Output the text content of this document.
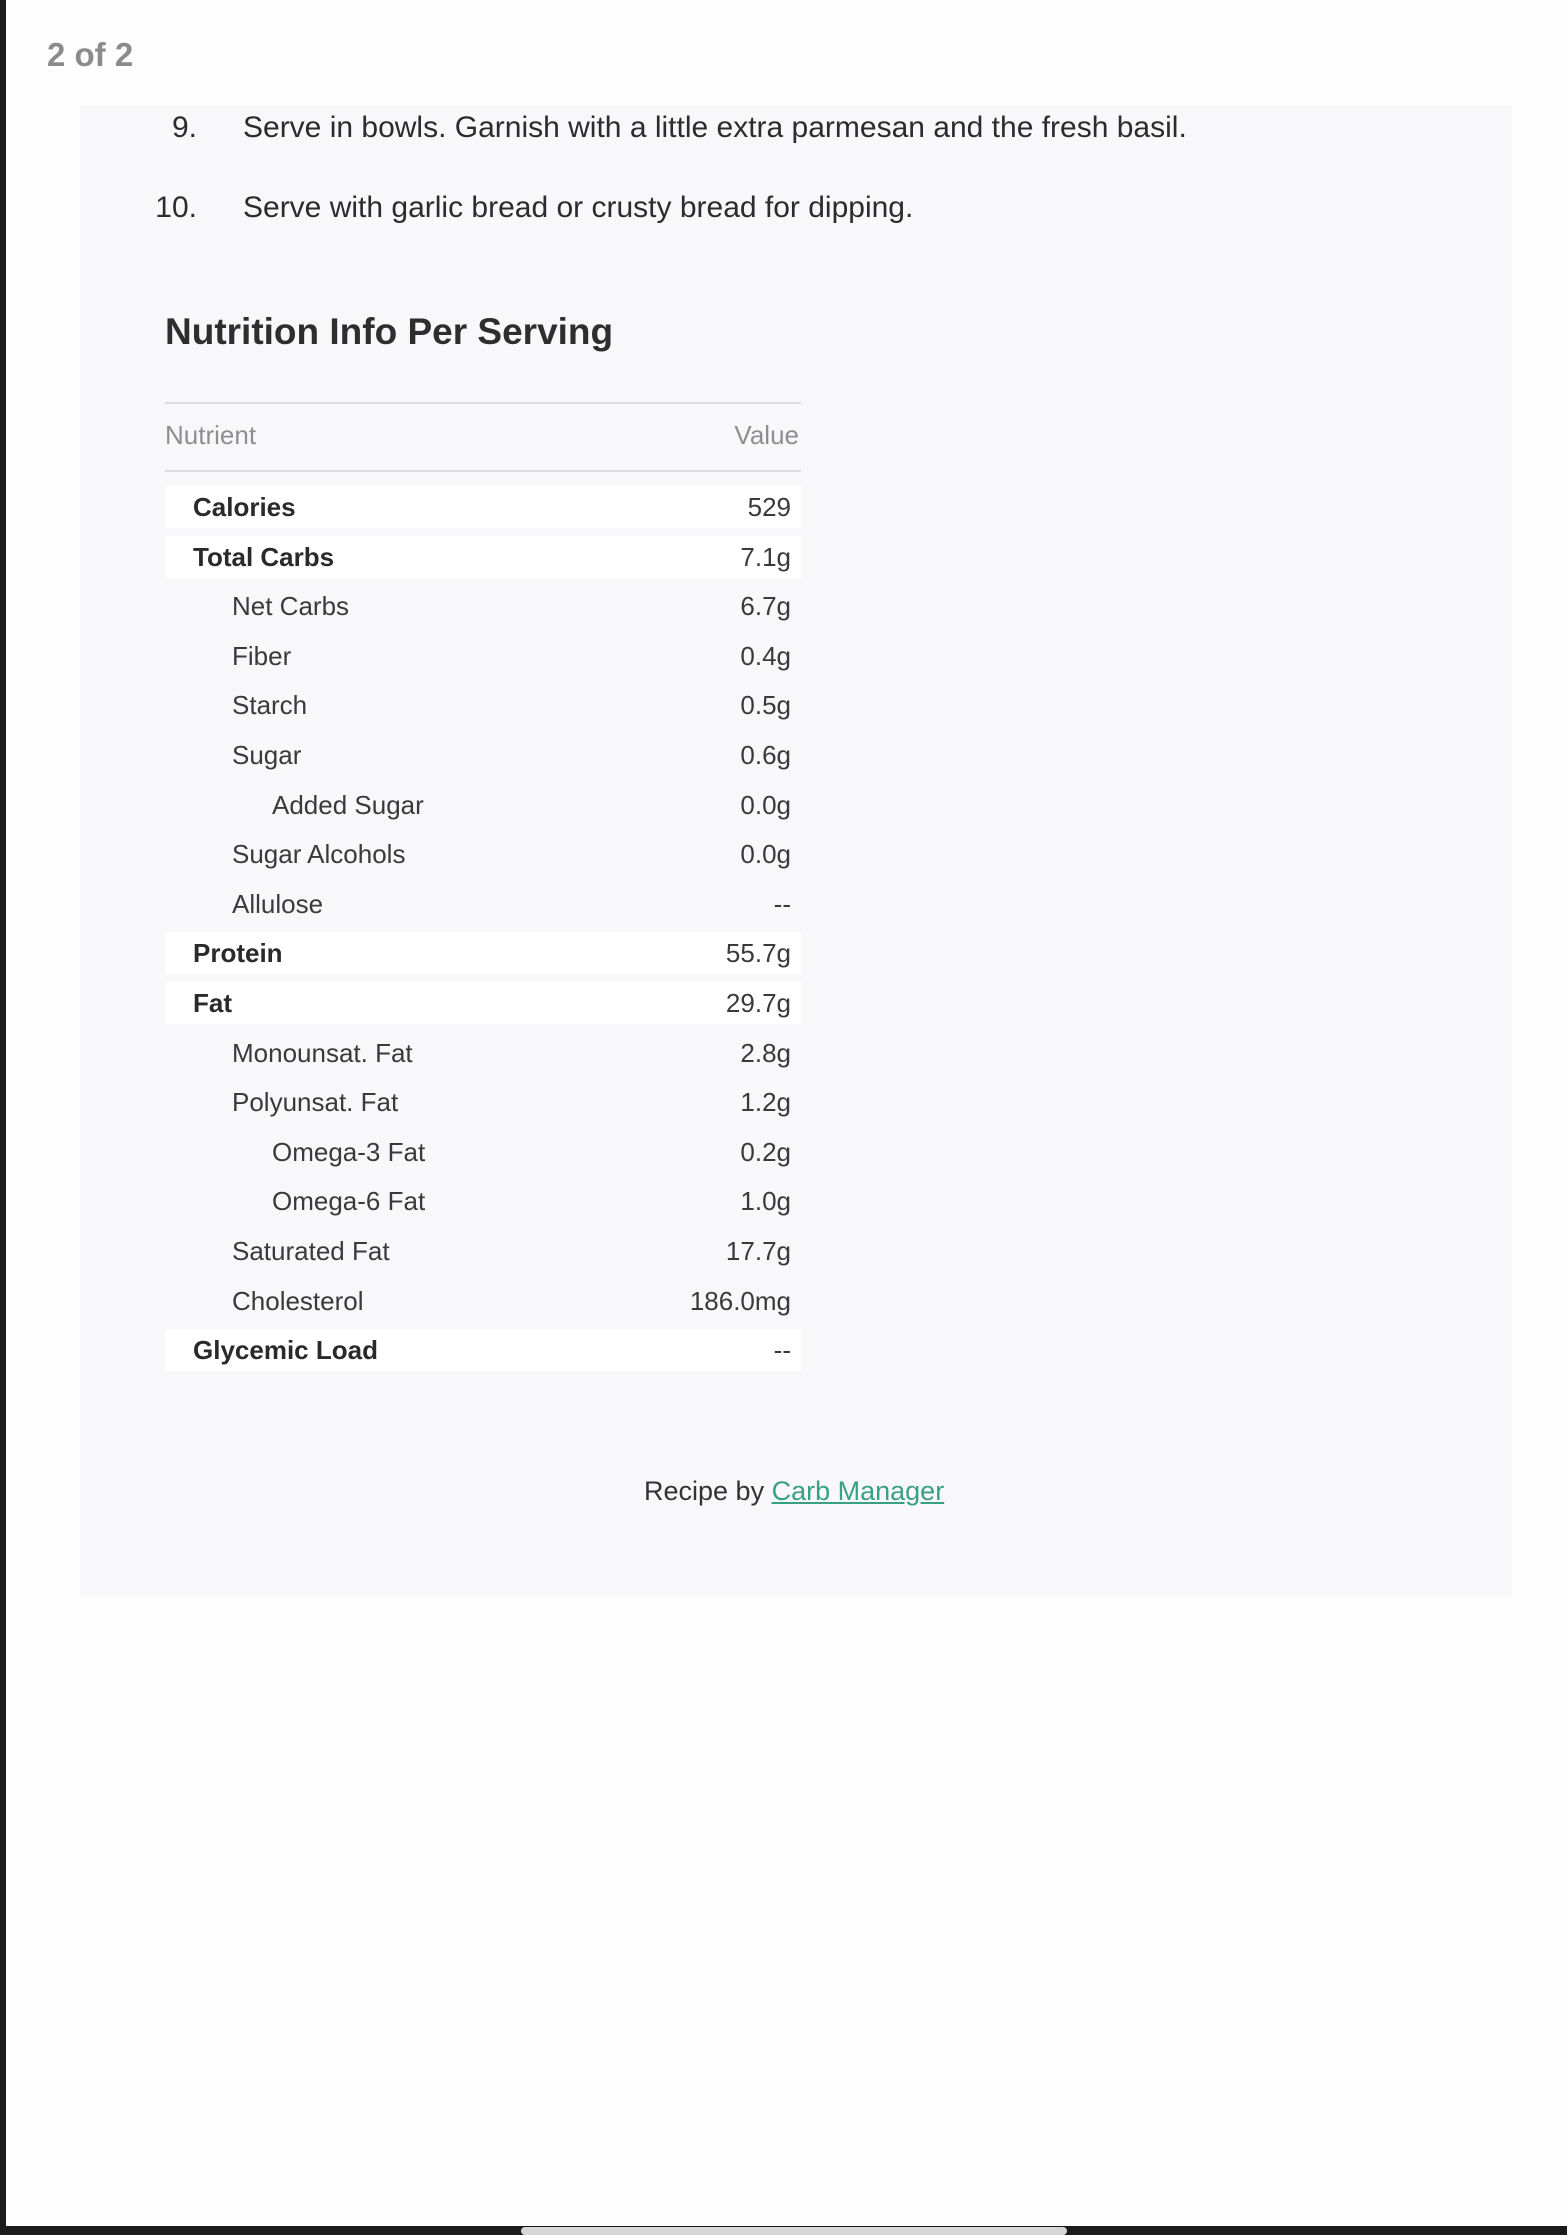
2 of 2
9. Serve in bowls. Garnish with a little extra parmesan and the fresh basil.
10. Serve with garlic bread or crusty bread for dipping.
Nutrition Info Per Serving
Nutrient	Value
Calories	529
Total Carbs	7.1g
Net Carbs	6.7g
Fiber	0.4g
Starch	0.5g
Sugar	0.6g
Added Sugar	0.0g
Sugar Alcohols	0.0g
Allulose	--
Protein	55.7g
Fat	29.7g
Monounsat. Fat	2.8g
Polyunsat. Fat	1.2g
Omega-3 Fat	0.2g
Omega-6 Fat	1.0g
Saturated Fat	17.7g
Cholesterol	186.0mg
Glycemic Load	--
Recipe by Carb Manager
